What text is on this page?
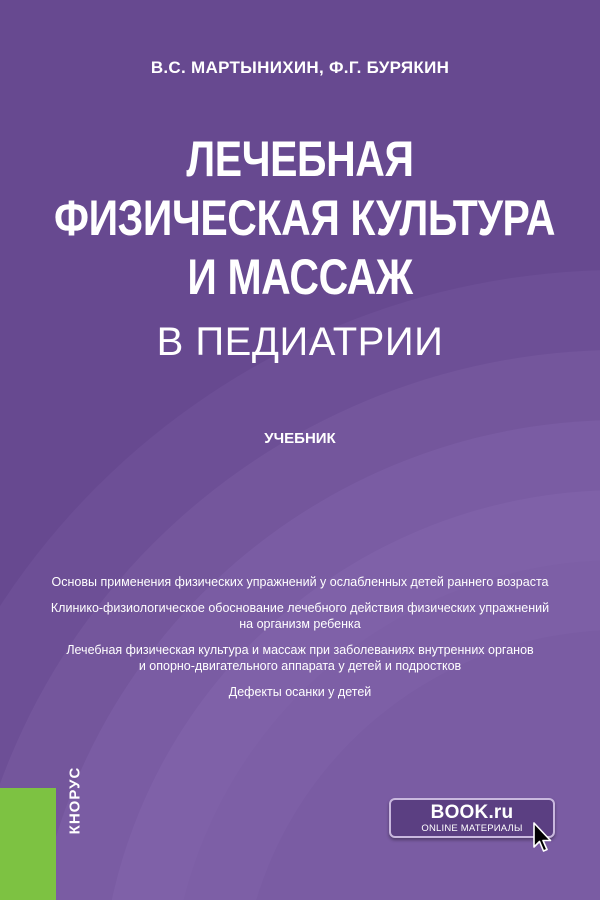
В.С. МАРТЫНИХИН, Ф.Г. БУРЯКИН
ЛЕЧЕБНАЯ
ФИЗИЧЕСКАЯ КУЛЬТУРА
И МАССАЖ
В ПЕДИАТРИИ
УЧЕБНИК
Основы применения физических упражнений у ослабленных детей раннего возраста
Клинико-физиологическое обоснование лечебного действия физических упражнений
на организм ребенка
Лечебная физическая культура и массаж при заболеваниях внутренних органов
и опорно-двигательного аппарата у детей и подростков
Дефекты осанки у детей
КНОРУС	BOOK.ru
ONLINE МАТЕРИАЛЫ
